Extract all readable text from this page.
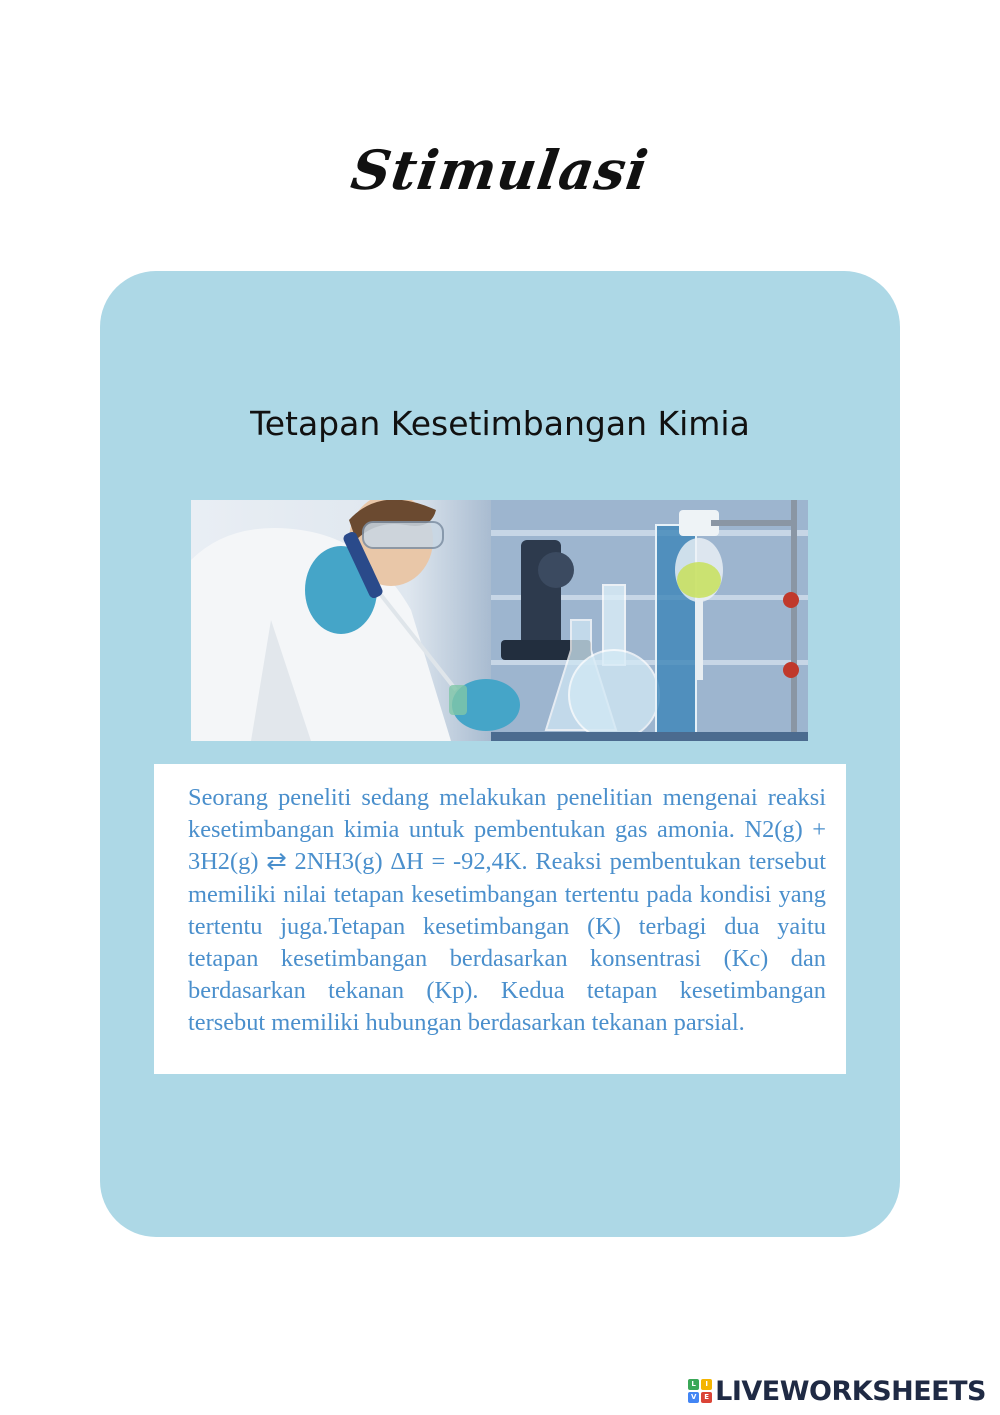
Stimulasi
Tetapan Kesetimbangan Kimia

Seorang peneliti sedang melakukan penelitian mengenai reaksi kesetimbangan kimia untuk pembentukan gas amonia. N2(g) + 3H2(g) ⇄ 2NH3(g) ΔH = -92,4K. Reaksi pembentukan tersebut memiliki nilai tetapan kesetimbangan tertentu pada kondisi yang tertentu juga.Tetapan kesetimbangan (K) terbagi dua yaitu tetapan kesetimbangan berdasarkan konsentrasi (Kc) dan berdasarkan tekanan (Kp). Kedua tetapan kesetimbangan tersebut memiliki hubungan berdasarkan tekanan parsial.

L	I
V	E LIVEWORKSHEETS
